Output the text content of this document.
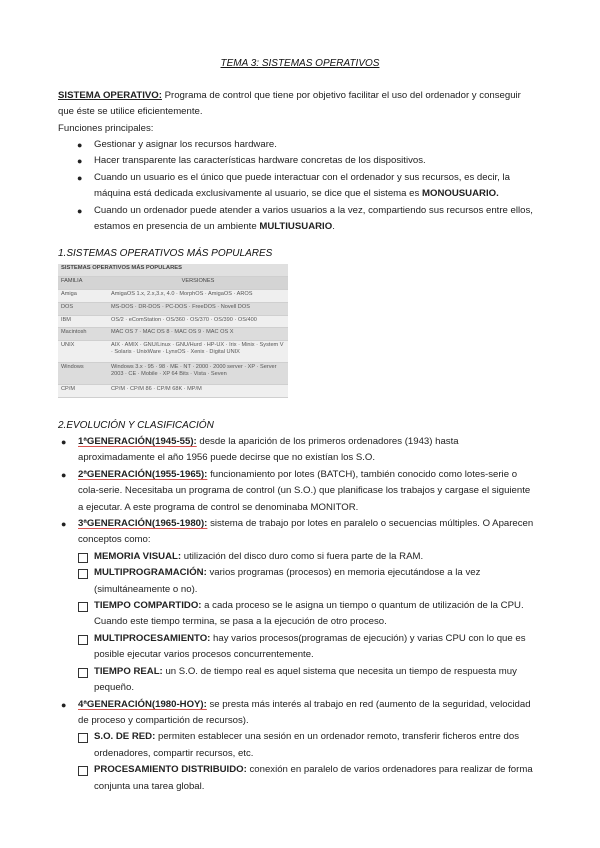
TEMA 3: SISTEMAS OPERATIVOS
SISTEMA OPERATIVO: Programa de control que tiene por objetivo facilitar el uso del ordenador y conseguir que éste se utilice eficientemente.
Funciones principales:
● Gestionar y asignar los recursos hardware.
● Hacer transparente las características hardware concretas de los dispositivos.
● Cuando un usuario es el único que puede interactuar con el ordenador y sus recursos, es decir, la máquina está dedicada exclusivamente al usuario, se dice que el sistema es MONOUSUARIO.
● Cuando un ordenador puede atender a varios usuarios a la vez, compartiendo sus recursos entre ellos, estamos en presencia de un ambiente MULTIUSUARIO.
1.SISTEMAS OPERATIVOS MÁS POPULARES
SISTEMAS OPERATIVOS MÁS POPULARES	
FAMILIA	VERSIONES
Amiga	AmigaOS 1.x, 2.x,3.x, 4.0 · MorphOS · AmigaOS · AROS
DOS	MS-DOS · DR-DOS · PC-DOS · FreeDOS · Novell DOS
IBM	OS/2 · eComStation · OS/360 · OS/370 · OS/390 · OS/400
Macintosh	MAC OS 7 · MAC OS 8 · MAC OS 9 · MAC OS X
UNIX	AIX · AMIX · GNU/Linux · GNU/Hurd · HP-UX · Irix · Minix · System V · Solaris · UnixWare · LynxOS · Xenix · Digital UNIX
Windows	Windows 3.x · 95 · 98 · ME · NT · 2000 · 2000 server · XP · Server 2003 · CE · Mobile · XP 64 Bits · Vista · Seven
CP/M	CP/M · CP/M 86 · CP/M 68K · MP/M
2.EVOLUCIÓN Y CLASIFICACIÓN
● 1ªGENERACIÓN(1945-55): desde la aparición de los primeros ordenadores (1943) hasta aproximadamente el año 1956 puede decirse que no existían los S.O.
● 2ªGENERACIÓN(1955-1965): funcionamiento por lotes (BATCH), también conocido como lotes-serie o cola-serie. Necesitaba un programa de control (un S.O.) que planificase los trabajos y cargase el siguiente a ejecutar. A este programa de control se denominaba MONITOR.
● 3ªGENERACIÓN(1965-1980): sistema de trabajo por lotes en paralelo o secuencias múltiples. O Aparecen conceptos como:
MEMORIA VISUAL: utilización del disco duro como si fuera parte de la RAM.
MULTIPROGRAMACIÓN: varios programas (procesos) en memoria ejecutándose a la vez (simultáneamente o no).
TIEMPO COMPARTIDO: a cada proceso se le asigna un tiempo o quantum de utilización de la CPU. Cuando este tiempo termina, se pasa a la ejecución de otro proceso.
MULTIPROCESAMIENTO: hay varios procesos(programas de ejecución) y varias CPU con lo que es posible ejecutar varios procesos concurrentemente.
TIEMPO REAL: un S.O. de tiempo real es aquel sistema que necesita un tiempo de respuesta muy pequeño.
● 4ªGENERACIÓN(1980-HOY): se presta más interés al trabajo en red (aumento de la seguridad, velocidad de proceso y compartición de recursos).
S.O. DE RED: permiten establecer una sesión en un ordenador remoto, transferir ficheros entre dos ordenadores, compartir recursos, etc.
PROCESAMIENTO DISTRIBUIDO: conexión en paralelo de varios ordenadores para realizar de forma conjunta una tarea global.
